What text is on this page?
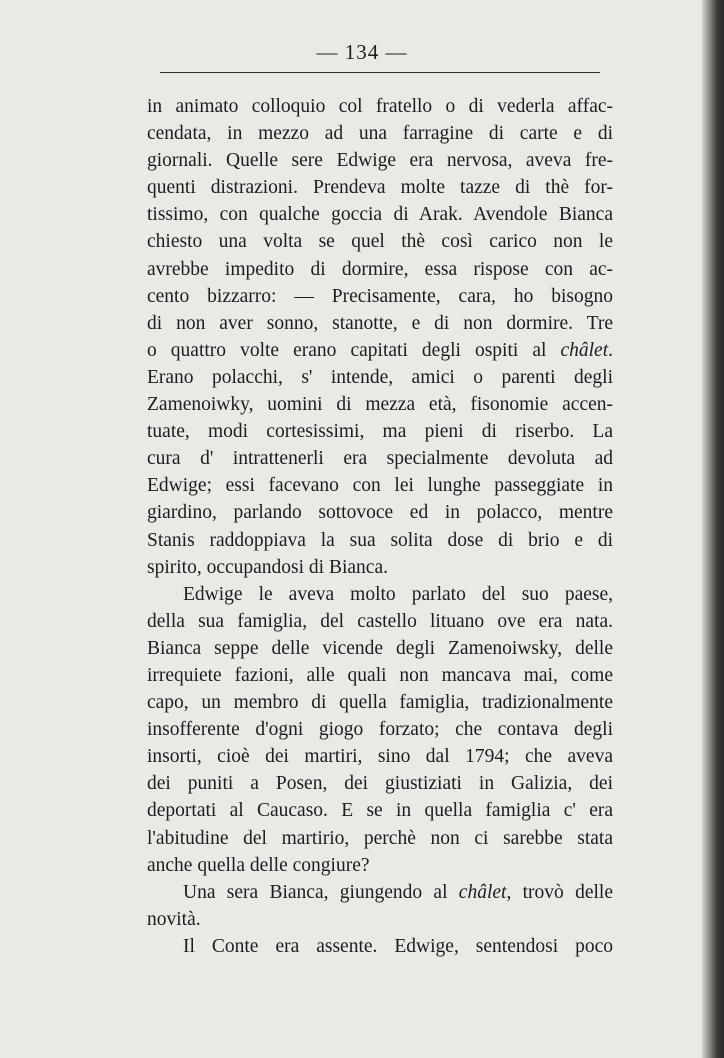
— 134 —
in animato colloquio col fratello o di vederla affac-
cendata, in mezzo ad una farragine di carte e di
giornali. Quelle sere Edwige era nervosa, aveva fre-
quenti distrazioni. Prendeva molte tazze di thè for-
tissimo, con qualche goccia di Arak. Avendole Bianca
chiesto una volta se quel thè così carico non le
avrebbe impedito di dormire, essa rispose con ac-
cento bizzarro: — Precisamente, cara, ho bisogno
di non aver sonno, stanotte, e di non dormire. Tre
o quattro volte erano capitati degli ospiti al châlet.
Erano polacchi, s' intende, amici o parenti degli
Zamenoiwky, uomini di mezza età, fisonomie accen-
tuate, modi cortesissimi, ma pieni di riserbo. La
cura d' intrattenerli era specialmente devoluta ad
Edwige; essi facevano con lei lunghe passeggiate in
giardino, parlando sottovoce ed in polacco, mentre
Stanis raddoppiava la sua solita dose di brio e di
spirito, occupandosi di Bianca.
Edwige le aveva molto parlato del suo paese,
della sua famiglia, del castello lituano ove era nata.
Bianca seppe delle vicende degli Zamenoiwsky, delle
irrequiete fazioni, alle quali non mancava mai, come
capo, un membro di quella famiglia, tradizionalmente
insofferente d'ogni giogo forzato; che contava degli
insorti, cioè dei martiri, sino dal 1794; che aveva
dei puniti a Posen, dei giustiziati in Galizia, dei
deportati al Caucaso. E se in quella famiglia c' era
l'abitudine del martirio, perchè non ci sarebbe stata
anche quella delle congiure?
Una sera Bianca, giungendo al châlet, trovò delle
novità.
Il Conte era assente. Edwige, sentendosi poco
